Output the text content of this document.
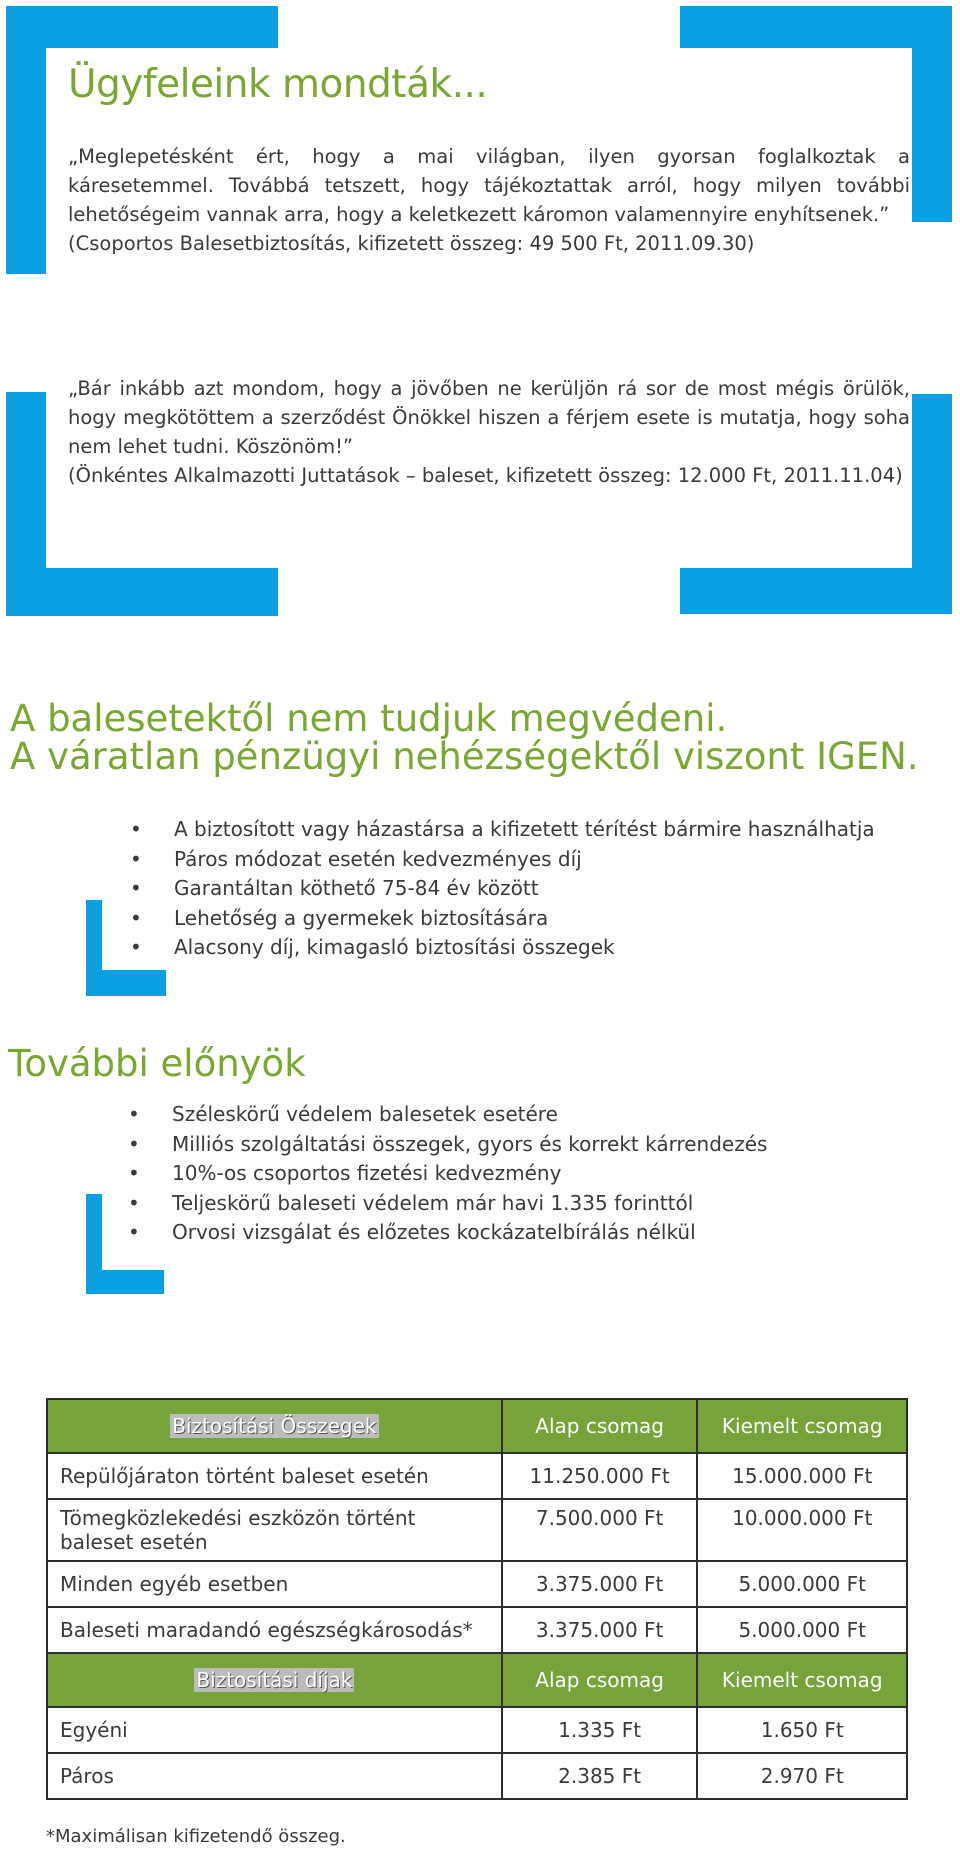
Ügyfeleink mondták...

„Meglepetésként ért, hogy a mai világban, ilyen gyorsan foglalkoztak a káresetemmel. Továbbá tetszett, hogy tájékoztattak arról, hogy milyen további lehetőségeim vannak arra, hogy a keletkezett káromon valamennyire enyhítsenek.”

(Csoportos Balesetbiztosítás, kifizetett összeg: 49 500 Ft, 2011.09.30)

„Bár inkább azt mondom, hogy a jövőben ne kerüljön rá sor de most mégis örülök, hogy megkötöttem a szerződést Önökkel hiszen a férjem esete is mutatja, hogy soha nem lehet tudni. Köszönöm!”

(Önkéntes Alkalmazotti Juttatások – baleset, kifizetett összeg: 12.000 Ft, 2011.11.04)

A balesetektől nem tudjuk megvédeni.
A váratlan pénzügyi nehézségektől viszont IGEN.
• A biztosított vagy házastársa a kifizetett térítést bármire használhatja
• Páros módozat esetén kedvezményes díj
• Garantáltan köthető 75-84 év között
• Lehetőség a gyermekek biztosítására
• Alacsony díj, kimagasló biztosítási összegek
További előnyök
• Széleskörű védelem balesetek esetére
• Milliós szolgáltatási összegek, gyors és korrekt kárrendezés
• 10%-os csoportos fizetési kedvezmény
• Teljeskörű baleseti védelem már havi 1.335 forinttól
• Orvosi vizsgálat és előzetes kockázatelbírálás nélkül
Biztosítási Összegek	Alap csomag	Kiemelt csomag
Repülőjáraton történt baleset esetén	11.250.000 Ft	15.000.000 Ft
Tömegközlekedési eszközön történt baleset esetén	7.500.000 Ft	10.000.000 Ft
Minden egyéb esetben	3.375.000 Ft	5.000.000 Ft
Baleseti maradandó egészségkárosodás*	3.375.000 Ft	5.000.000 Ft
Biztosítási díjak	Alap csomag	Kiemelt csomag
Egyéni	1.335 Ft	1.650 Ft
Páros	2.385 Ft	2.970 Ft
*Maximálisan kifizetendő összeg.
